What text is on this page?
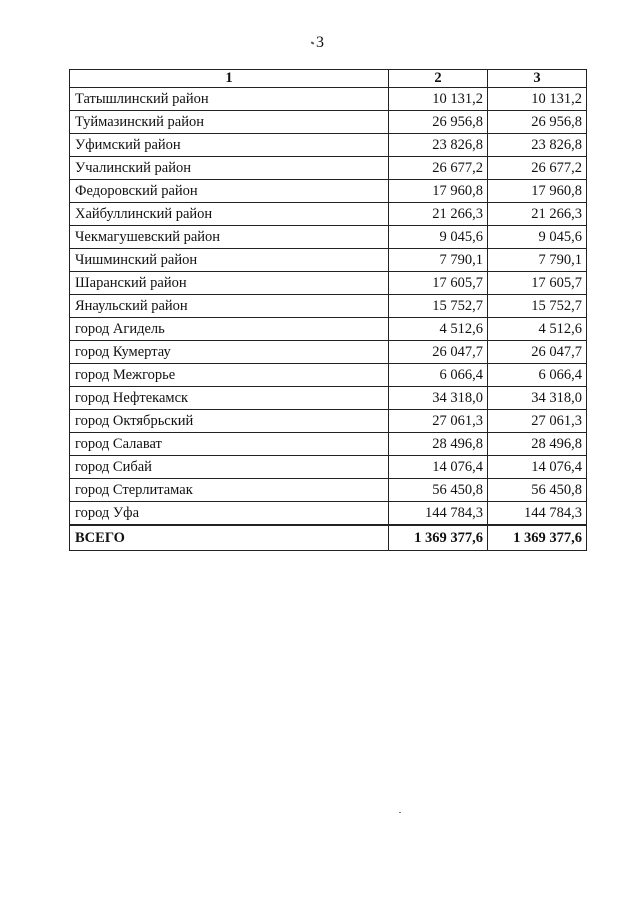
3
1	2	3
Татышлинский район	10 131,2	10 131,2
Туймазинский район	26 956,8	26 956,8
Уфимский район	23 826,8	23 826,8
Учалинский район	26 677,2	26 677,2
Федоровский район	17 960,8	17 960,8
Хайбуллинский район	21 266,3	21 266,3
Чекмагушевский район	9 045,6	9 045,6
Чишминский район	7 790,1	7 790,1
Шаранский район	17 605,7	17 605,7
Янаульский район	15 752,7	15 752,7
город Агидель	4 512,6	4 512,6
город Кумертау	26 047,7	26 047,7
город Межгорье	6 066,4	6 066,4
город Нефтекамск	34 318,0	34 318,0
город Октябрьский	27 061,3	27 061,3
город Салават	28 496,8	28 496,8
город Сибай	14 076,4	14 076,4
город Стерлитамак	56 450,8	56 450,8
город Уфа	144 784,3	144 784,3
ВСЕГО	1 369 377,6	1 369 377,6
